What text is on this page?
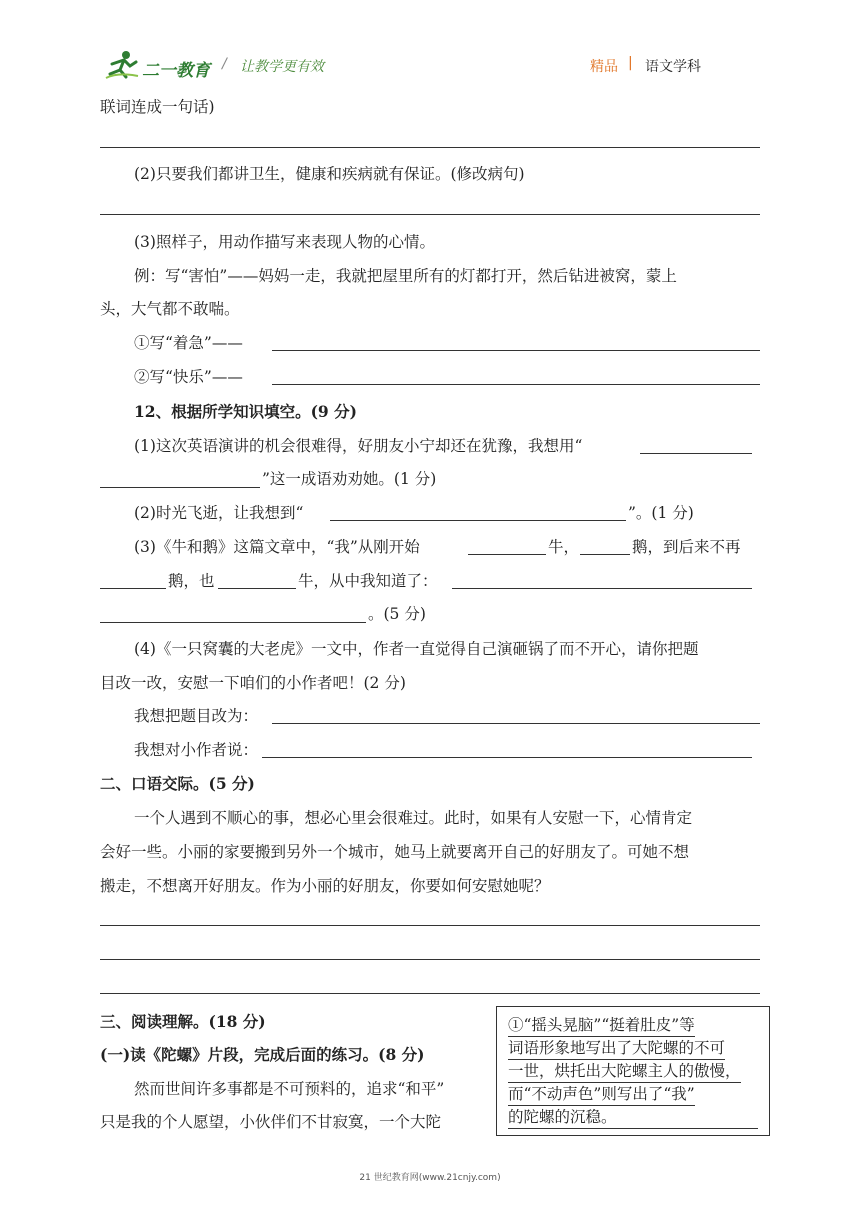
二一教育 / 让教学更有效	精品 | 语文学科
联词连成一句话)
(2)只要我们都讲卫生，健康和疾病就有保证。(修改病句)
(3)照样子，用动作描写来表现人物的心情。
例：写“害怕”——妈妈一走，我就把屋里所有的灯都打开，然后钻进被窝，蒙上
头，大气都不敢喘。
①写“着急”——
②写“快乐”——
12、根据所学知识填空。(9 分)
(1)这次英语演讲的机会很难得，好朋友小宁却还在犹豫，我想用“
”这一成语劝劝她。(1 分)
(2)时光飞逝，让我想到“	”。(1 分)
(3)《牛和鹅》这篇文章中，“我”从刚开始	牛，	鹅，到后来不再
鹅，也	牛，从中我知道了：
。(5 分)
(4)《一只窝囊的大老虎》一文中，作者一直觉得自己演砸锅了而不开心，请你把题
目改一改，安慰一下咱们的小作者吧！(2 分)
我想把题目改为：
我想对小作者说：
二、口语交际。(5 分)
一个人遇到不顺心的事，想必心里会很难过。此时，如果有人安慰一下，心情肯定
会好一些。小丽的家要搬到另外一个城市，她马上就要离开自己的好朋友了。可她不想
搬走，不想离开好朋友。作为小丽的好朋友，你要如何安慰她呢？
三、阅读理解。(18 分)
(一)读《陀螺》片段，完成后面的练习。(8 分)
然而世间许多事都是不可预料的，追求“和平”
只是我的个人愿望，小伙伴们不甘寂寞，一个大陀
①“摇头晃脑”“挺着肚皮”等
词语形象地写出了大陀螺的不可
一世，烘托出大陀螺主人的傲慢，
而“不动声色”则写出了“我”
的陀螺的沉稳。
21 世纪教育网(www.21cnjy.com)
